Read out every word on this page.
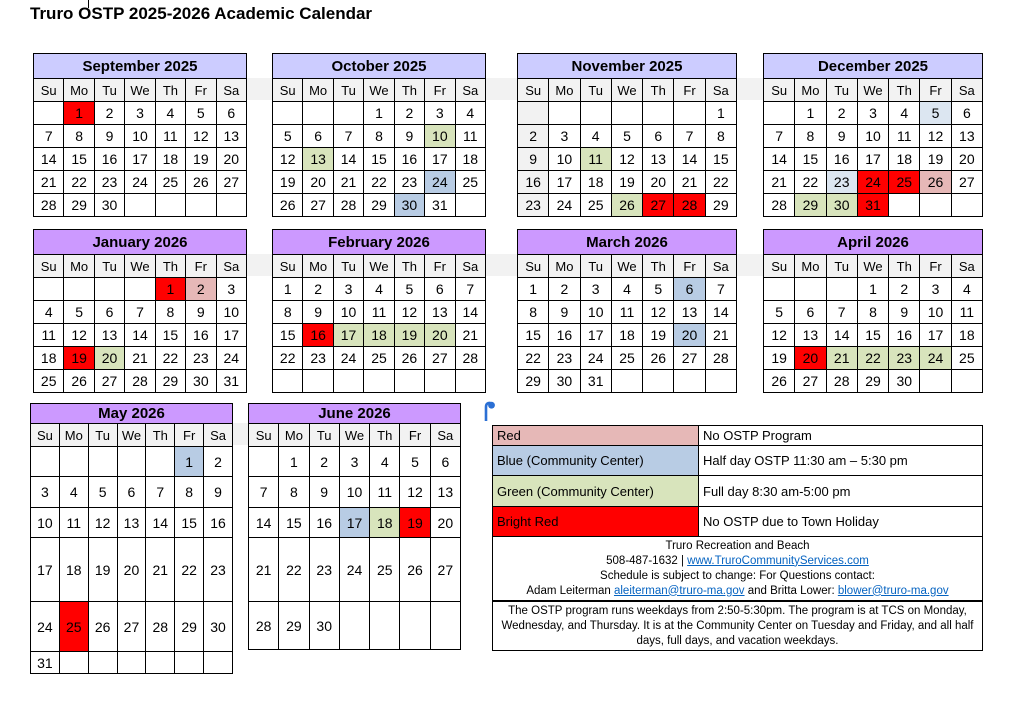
Truro OSTP 2025-2026 Academic Calendar
September 2025
Su	Mo	Tu	We	Th	Fr	Sa
	1	2	3	4	5	6
7	8	9	10	11	12	13
14	15	16	17	18	19	20
21	22	23	24	25	26	27
28	29	30				
October 2025
Su	Mo	Tu	We	Th	Fr	Sa
			1	2	3	4
5	6	7	8	9	10	11
12	13	14	15	16	17	18
19	20	21	22	23	24	25
26	27	28	29	30	31	
November 2025
Su	Mo	Tu	We	Th	Fr	Sa
						1
2	3	4	5	6	7	8
9	10	11	12	13	14	15
16	17	18	19	20	21	22
23	24	25	26	27	28	29
December 2025
Su	Mo	Tu	We	Th	Fr	Sa
	1	2	3	4	5	6
7	8	9	10	11	12	13
14	15	16	17	18	19	20
21	22	23	24	25	26	27
28	29	30	31			
January 2026
Su	Mo	Tu	We	Th	Fr	Sa
				1	2	3
4	5	6	7	8	9	10
11	12	13	14	15	16	17
18	19	20	21	22	23	24
25	26	27	28	29	30	31
February 2026
Su	Mo	Tu	We	Th	Fr	Sa
1	2	3	4	5	6	7
8	9	10	11	12	13	14
15	16	17	18	19	20	21
22	23	24	25	26	27	28

March 2026
Su	Mo	Tu	We	Th	Fr	Sa
1	2	3	4	5	6	7
8	9	10	11	12	13	14
15	16	17	18	19	20	21
22	23	24	25	26	27	28
29	30	31				
April 2026
Su	Mo	Tu	We	Th	Fr	Sa
			1	2	3	4
5	6	7	8	9	10	11
12	13	14	15	16	17	18
19	20	21	22	23	24	25
26	27	28	29	30		
May 2026
Su	Mo	Tu	We	Th	Fr	Sa
					1	2
3	4	5	6	7	8	9
10	11	12	13	14	15	16
17	18	19	20	21	22	23
24	25	26	27	28	29	30
31						
June 2026
Su	Mo	Tu	We	Th	Fr	Sa
	1	2	3	4	5	6
7	8	9	10	11	12	13
14	15	16	17	18	19	20
21	22	23	24	25	26	27
28	29	30				
Red	No OSTP Program
Blue (Community Center)	Half day OSTP 11:30 am – 5:30 pm
Green (Community Center)	Full day 8:30 am-5:00 pm
Bright Red	No OSTP due to Town Holiday
Truro Recreation and Beach
508-487-1632 | www.TruroCommunityServices.com
Schedule is subject to change: For Questions contact:
Adam Leiterman aleiterman@truro-ma.gov and Britta Lower: blower@truro-ma.gov
The OSTP program runs weekdays from 2:50-5:30pm. The program is at TCS on Monday, Wednesday, and Thursday. It is at the Community Center on Tuesday and Friday, and all half days, full days, and vacation weekdays.
